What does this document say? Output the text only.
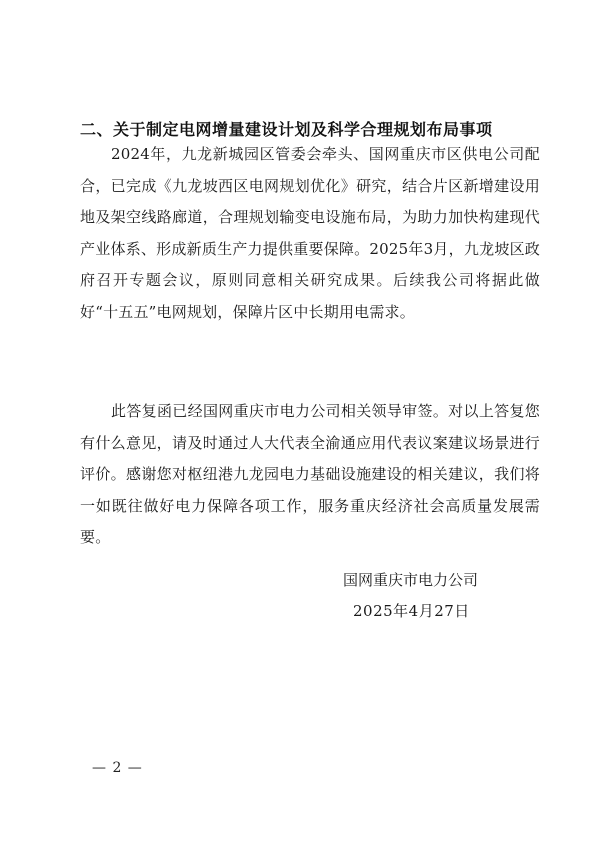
二、关于制定电网增量建设计划及科学合理规划布局事项
2024年，九龙新城园区管委会牵头、国网重庆市区供电公司配合，已完成《九龙坡西区电网规划优化》研究，结合片区新增建设用地及架空线路廊道，合理规划输变电设施布局，为助力加快构建现代产业体系、形成新质生产力提供重要保障。2025年3月，九龙坡区政府召开专题会议，原则同意相关研究成果。后续我公司将据此做好“十五五”电网规划，保障片区中长期用电需求。
此答复函已经国网重庆市电力公司相关领导审签。对以上答复您有什么意见，请及时通过人大代表全渝通应用代表议案建议场景进行评价。感谢您对枢纽港九龙园电力基础设施建设的相关建议，我们将一如既往做好电力保障各项工作，服务重庆经济社会高质量发展需要。
国网重庆市电力公司
2025年4月27日
— 2 —
